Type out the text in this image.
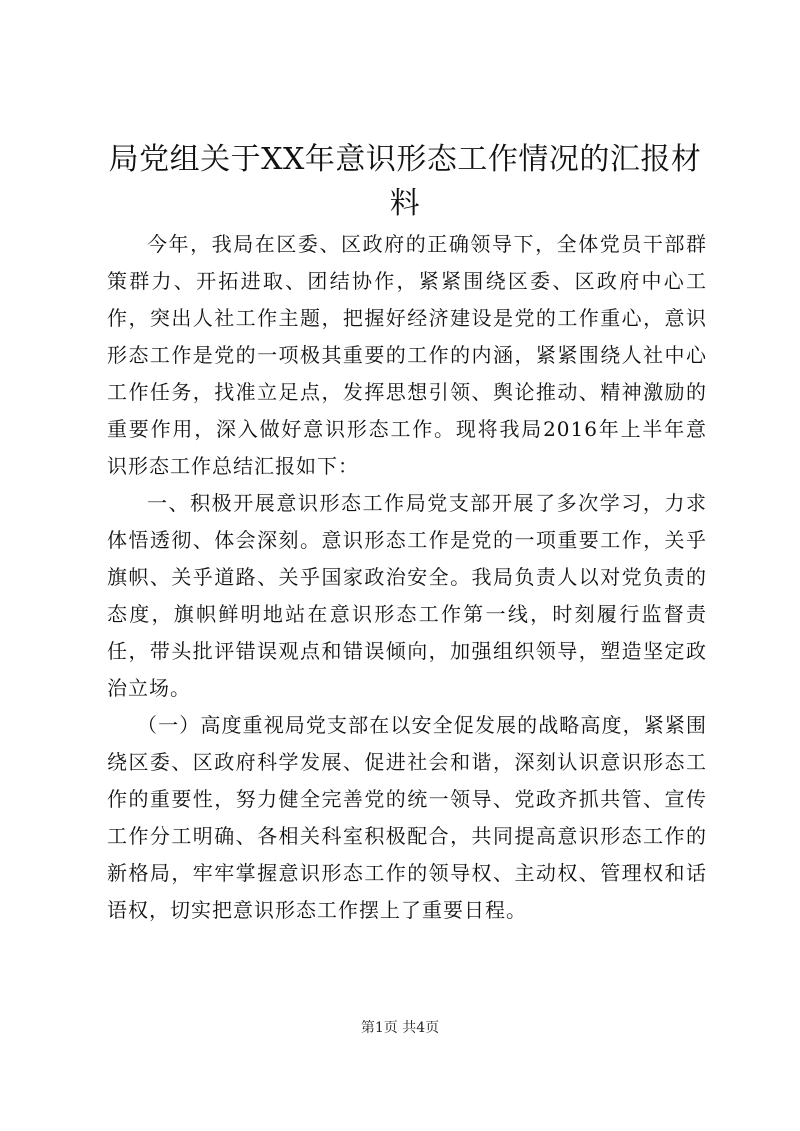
局党组关于XX年意识形态工作情况的汇报材料

今年，我局在区委、区政府的正确领导下，全体党员干部群策群力、开拓进取、团结协作，紧紧围绕区委、区政府中心工作，突出人社工作主题，把握好经济建设是党的工作重心，意识形态工作是党的一项极其重要的工作的内涵，紧紧围绕人社中心工作任务，找准立足点，发挥思想引领、舆论推动、精神激励的重要作用，深入做好意识形态工作。现将我局2016年上半年意识形态工作总结汇报如下：

一、积极开展意识形态工作局党支部开展了多次学习，力求体悟透彻、体会深刻。意识形态工作是党的一项重要工作，关乎旗帜、关乎道路、关乎国家政治安全。我局负责人以对党负责的态度，旗帜鲜明地站在意识形态工作第一线，时刻履行监督责任，带头批评错误观点和错误倾向，加强组织领导，塑造坚定政治立场。

（一）高度重视局党支部在以安全促发展的战略高度，紧紧围绕区委、区政府科学发展、促进社会和谐，深刻认识意识形态工作的重要性，努力健全完善党的统一领导、党政齐抓共管、宣传工作分工明确、各相关科室积极配合，共同提高意识形态工作的新格局，牢牢掌握意识形态工作的领导权、主动权、管理权和话语权，切实把意识形态工作摆上了重要日程。

第1页 共4页
